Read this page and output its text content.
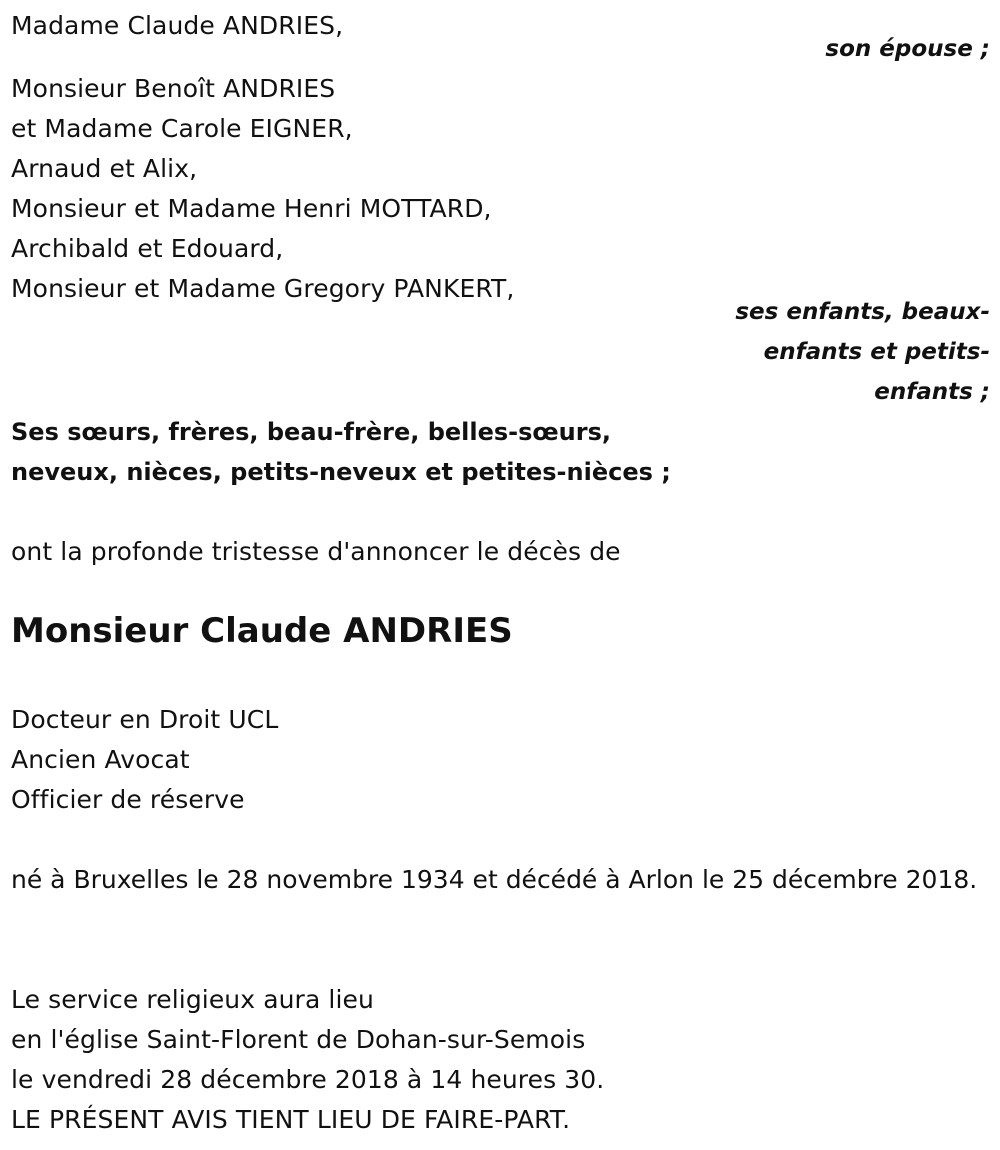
Madame Claude ANDRIES,
son épouse ;
Monsieur Benoît ANDRIES
et Madame Carole EIGNER,
Arnaud et Alix,
Monsieur et Madame Henri MOTTARD,
Archibald et Edouard,
Monsieur et Madame Gregory PANKERT,
ses enfants, beaux-
enfants et petits-
enfants ;
Ses sœurs, frères, beau-frère, belles-sœurs,
neveux, nièces, petits-neveux et petites-nièces ;
ont la profonde tristesse d'annoncer le décès de
Monsieur Claude ANDRIES
Docteur en Droit UCL
Ancien Avocat
Officier de réserve
né à Bruxelles le 28 novembre 1934 et décédé à Arlon le 25 décembre 2018.
Le service religieux aura lieu
en l'église Saint-Florent de Dohan-sur-Semois
le vendredi 28 décembre 2018 à 14 heures 30.
LE PRÉSENT AVIS TIENT LIEU DE FAIRE-PART.
